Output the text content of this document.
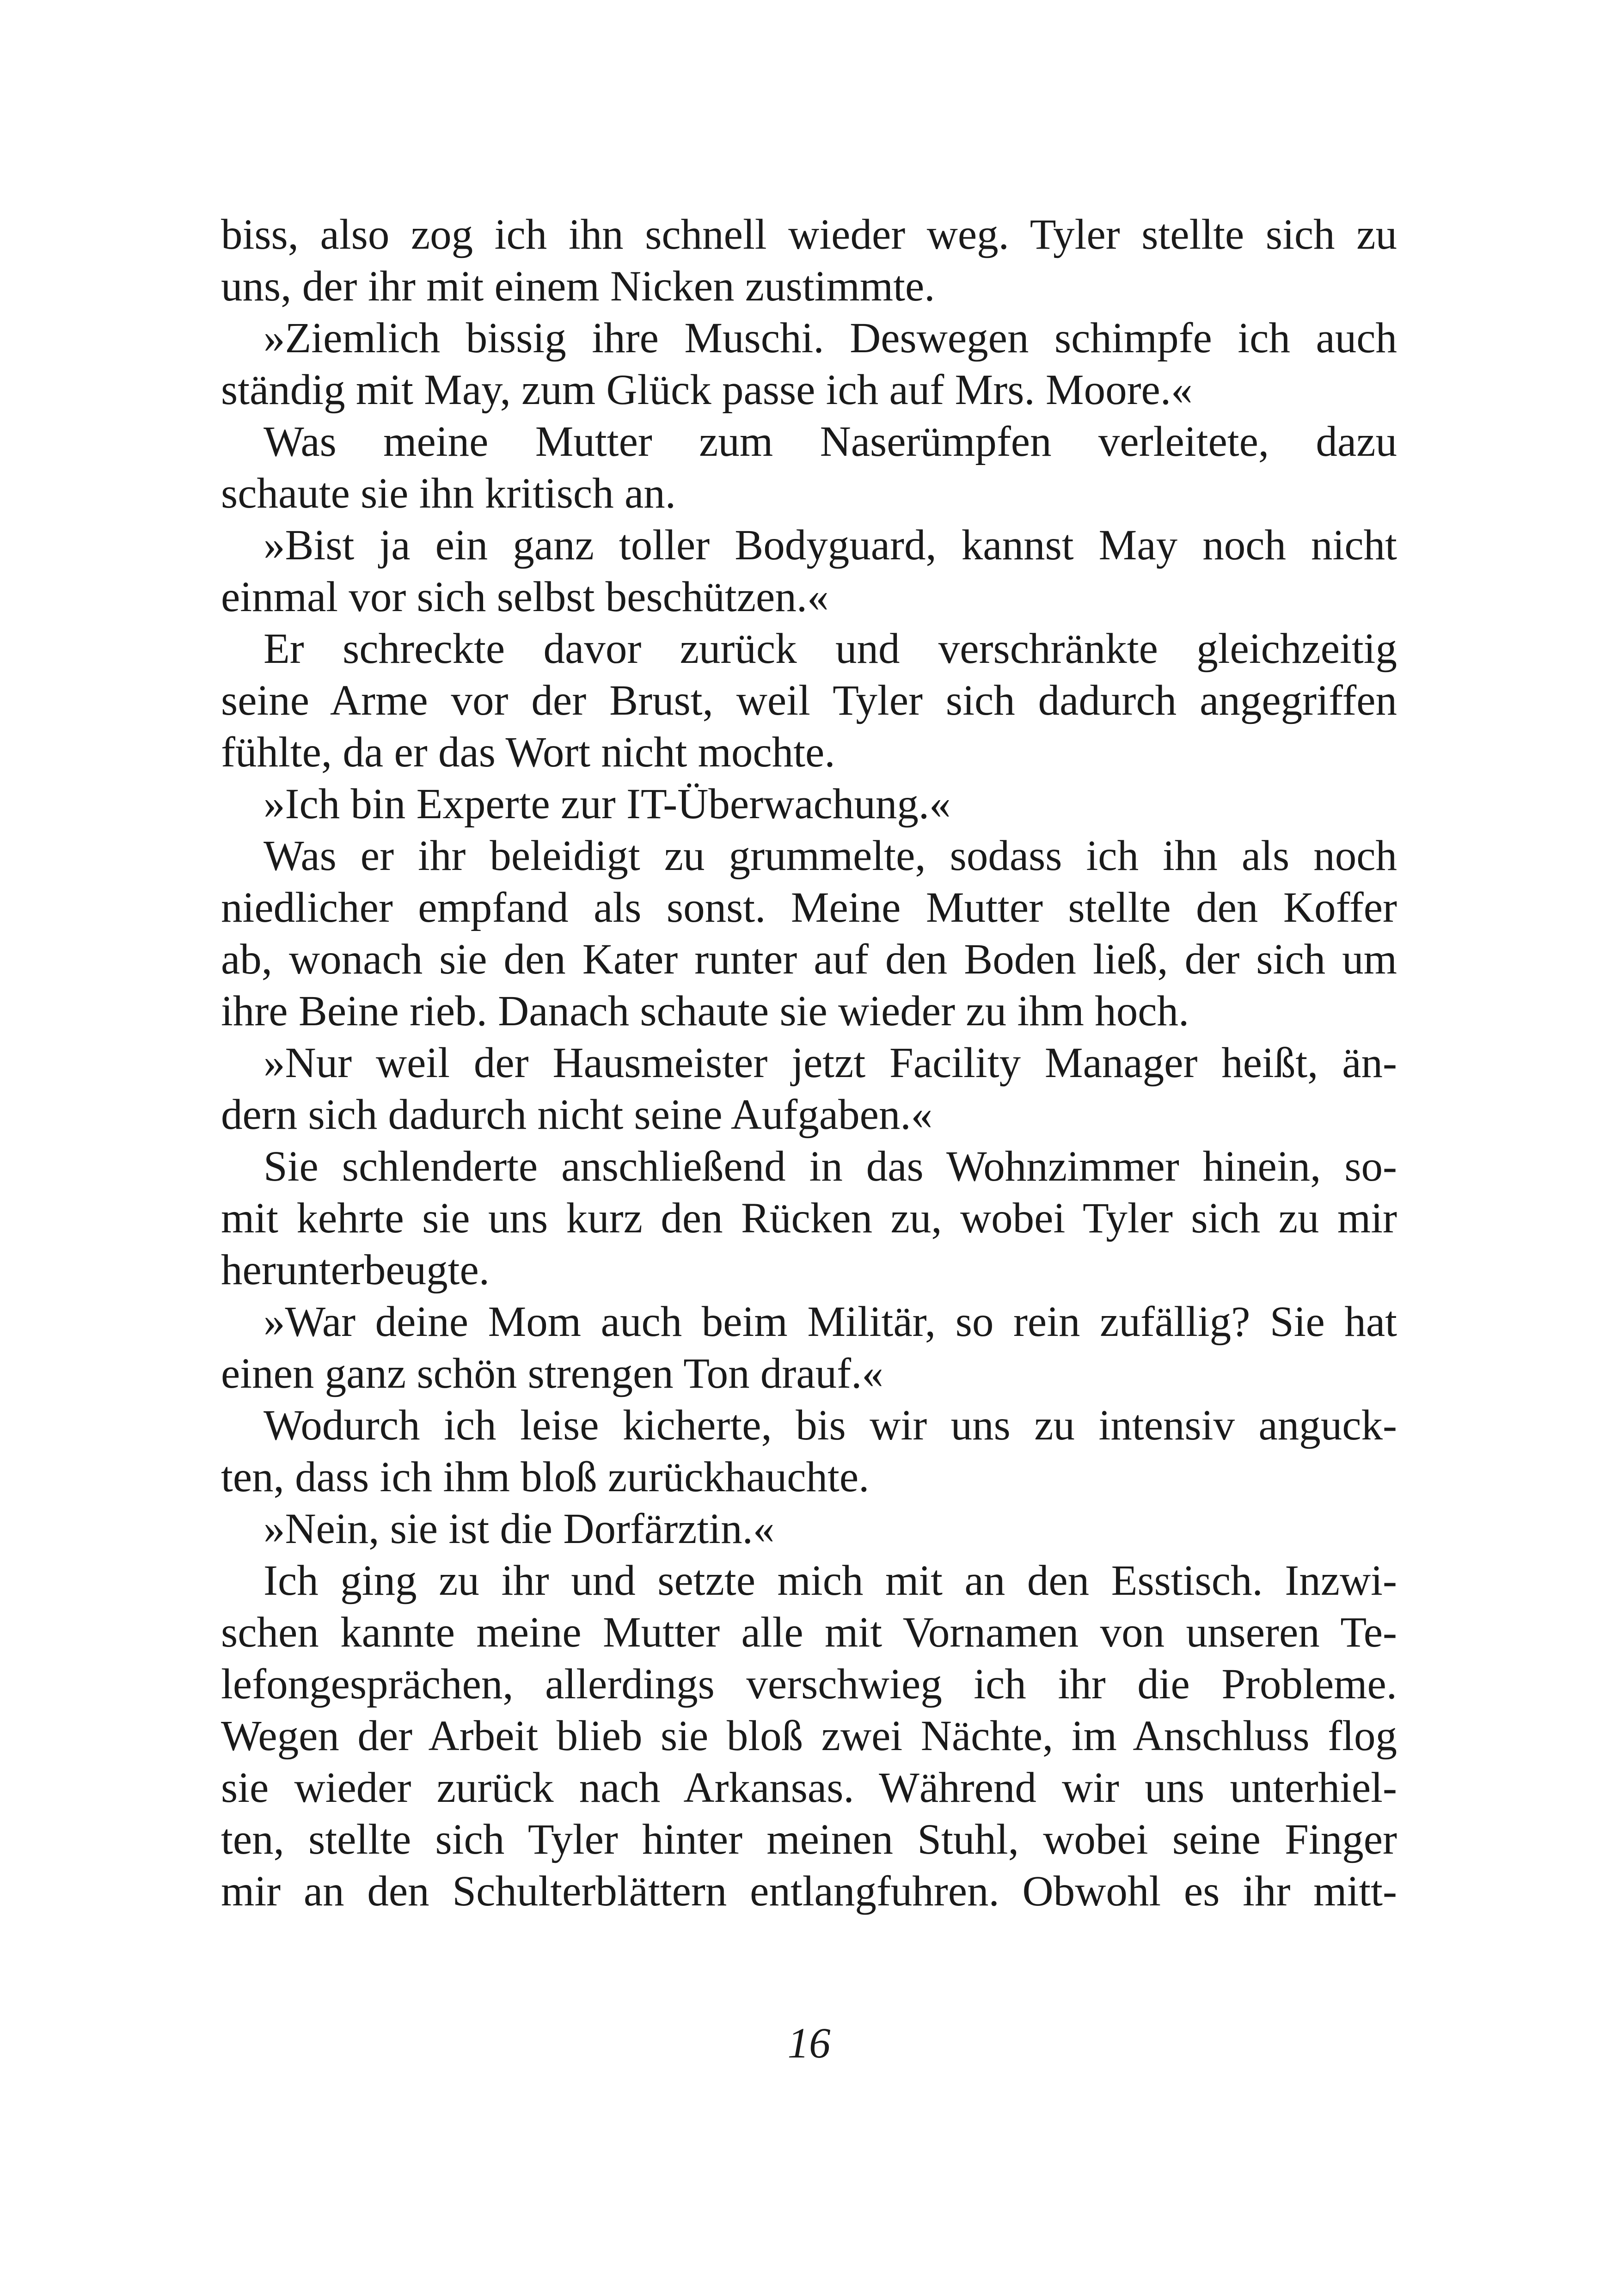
biss, also zog ich ihn schnell wieder weg. Tyler stellte sich zu
uns, der ihr mit einem Nicken zustimmte.
»Ziemlich bissig ihre Muschi. Deswegen schimpfe ich auch
ständig mit May, zum Glück passe ich auf Mrs. Moore.«
Was meine Mutter zum Naserümpfen verleitete, dazu
schaute sie ihn kritisch an.
»Bist ja ein ganz toller Bodyguard, kannst May noch nicht
einmal vor sich selbst beschützen.«
Er schreckte davor zurück und verschränkte gleichzeitig
seine Arme vor der Brust, weil Tyler sich dadurch angegriffen
fühlte, da er das Wort nicht mochte.
»Ich bin Experte zur IT-Überwachung.«
Was er ihr beleidigt zu grummelte, sodass ich ihn als noch
niedlicher empfand als sonst. Meine Mutter stellte den Koffer
ab, wonach sie den Kater runter auf den Boden ließ, der sich um
ihre Beine rieb. Danach schaute sie wieder zu ihm hoch.
»Nur weil der Hausmeister jetzt Facility Manager heißt, än-
dern sich dadurch nicht seine Aufgaben.«
Sie schlenderte anschließend in das Wohnzimmer hinein, so-
mit kehrte sie uns kurz den Rücken zu, wobei Tyler sich zu mir
herunterbeugte.
»War deine Mom auch beim Militär, so rein zufällig? Sie hat
einen ganz schön strengen Ton drauf.«
Wodurch ich leise kicherte, bis wir uns zu intensiv anguck-
ten, dass ich ihm bloß zurückhauchte.
»Nein, sie ist die Dorfärztin.«
Ich ging zu ihr und setzte mich mit an den Esstisch. Inzwi-
schen kannte meine Mutter alle mit Vornamen von unseren Te-
lefongesprächen, allerdings verschwieg ich ihr die Probleme.
Wegen der Arbeit blieb sie bloß zwei Nächte, im Anschluss flog
sie wieder zurück nach Arkansas. Während wir uns unterhiel-
ten, stellte sich Tyler hinter meinen Stuhl, wobei seine Finger
mir an den Schulterblättern entlangfuhren. Obwohl es ihr mitt-
16
